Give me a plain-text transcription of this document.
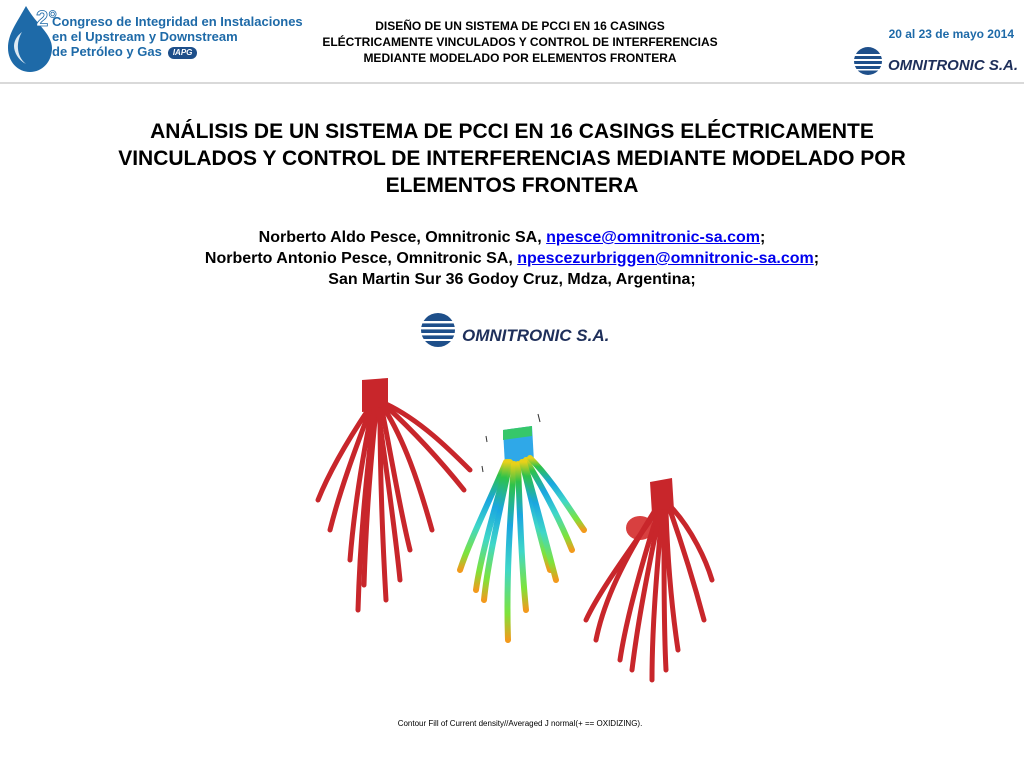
2°
Congreso de Integridad en Instalaciones
en el Upstream y Downstream
de Petróleo y Gas IAPG
DISEÑO DE UN SISTEMA DE PCCI EN 16 CASINGS
ELÉCTRICAMENTE VINCULADOS Y CONTROL DE INTERFERENCIAS
MEDIANTE MODELADO POR ELEMENTOS FRONTERA
20 al 23 de mayo 2014
OMNITRONIC S.A.
ANÁLISIS DE UN SISTEMA DE PCCI EN 16 CASINGS ELÉCTRICAMENTE
VINCULADOS Y CONTROL DE INTERFERENCIAS MEDIANTE MODELADO POR
ELEMENTOS FRONTERA
Norberto Aldo Pesce, Omnitronic SA, npesce@omnitronic-sa.com;
Norberto Antonio Pesce, Omnitronic SA, npescezurbriggen@omnitronic-sa.com;
San Martin Sur 36 Godoy Cruz, Mdza, Argentina;
OMNITRONIC S.A.
Contour Fill of Current density//Averaged J normal(+ == OXIDIZING).
